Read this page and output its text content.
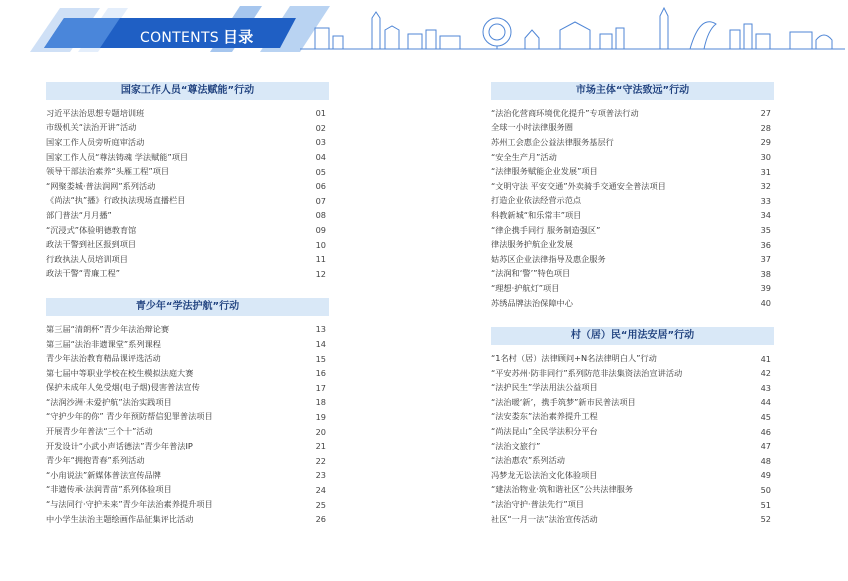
CONTENTS 目录
国家工作人员“尊法赋能”行动
习近平法治思想专题培训班	01
市级机关“法治开讲”活动	02
国家工作人员旁听庭审活动	03
国家工作人员“尊法铸魂 学法赋能”项目	04
领导干部法治素养“头雁工程”项目	05
“网聚娄城·普法润网”系列活动	06
《尚法“执”播》行政执法现场直播栏目	07
部门普法“月月播”	08
“沉浸式”体验明德教育馆	09
政法干警到社区报到项目	10
行政执法人员培训项目	11
政法干警“青廉工程”	12
青少年“学法护航”行动
第三届“清朗杯”青少年法治辩论赛	13
第三届“法治非遗课堂”系列课程	14
青少年法治教育精品课评选活动	15
第七届中等职业学校在校生模拟法庭大赛	16
保护未成年人免受烟(电子烟)侵害普法宣传	17
“法润沙洲·未爱护航”法治实践项目	18
“守护少年的你” 青少年预防帮信犯罪普法项目	19
开展青少年普法“三个十”活动	20
开发设计“小武小声话德法”青少年普法IP	21
青少年“拥抱青春”系列活动	22
“小甪说法”新媒体普法宣传品牌	23
“非遗传承·法润青苗”系列体验项目	24
“与法同行·守护未来”青少年法治素养提升项目	25
中小学生法治主题绘画作品征集评比活动	26
市场主体“守法致远”行动
“法治化营商环境优化提升”专项普法行动	27
全球一小时法律服务圈	28
苏州工会惠企公益法律服务基层行	29
“安全生产月”活动	30
“法律服务赋能企业发展”项目	31
“文明守法 平安交通”外卖骑手交通安全普法项目	32
打造企业依法经营示范点	33
科教新城“和乐常丰”项目	34
“律企携手同行 服务制造强区”	35
律法服务护航企业发展	36
姑苏区企业法律指导及惠企服务	37
“法润和‘警’”特色项目	38
“理想·护航灯”项目	39
苏绣品牌法治保障中心	40
村（居）民“用法安居”行动
“1名村（居）法律顾问+N名法律明白人”行动	41
“平安苏州·防非同行”系列防范非法集资法治宣讲活动	42
“法护民生”学法用法公益项目	43
“法治暖‘新’，携手筑梦”新市民普法项目	44
“法安娄东”法治素养提升工程	45
“尚法昆山”全民学法积分平台	46
“法治文旅行”	47
“法治惠农”系列活动	48
冯梦龙无讼法治文化体验项目	49
“建法治物业·筑和谐社区”公共法律服务	50
“法治守护·普法先行”项目	51
社区“一月一法”法治宣传活动	52
